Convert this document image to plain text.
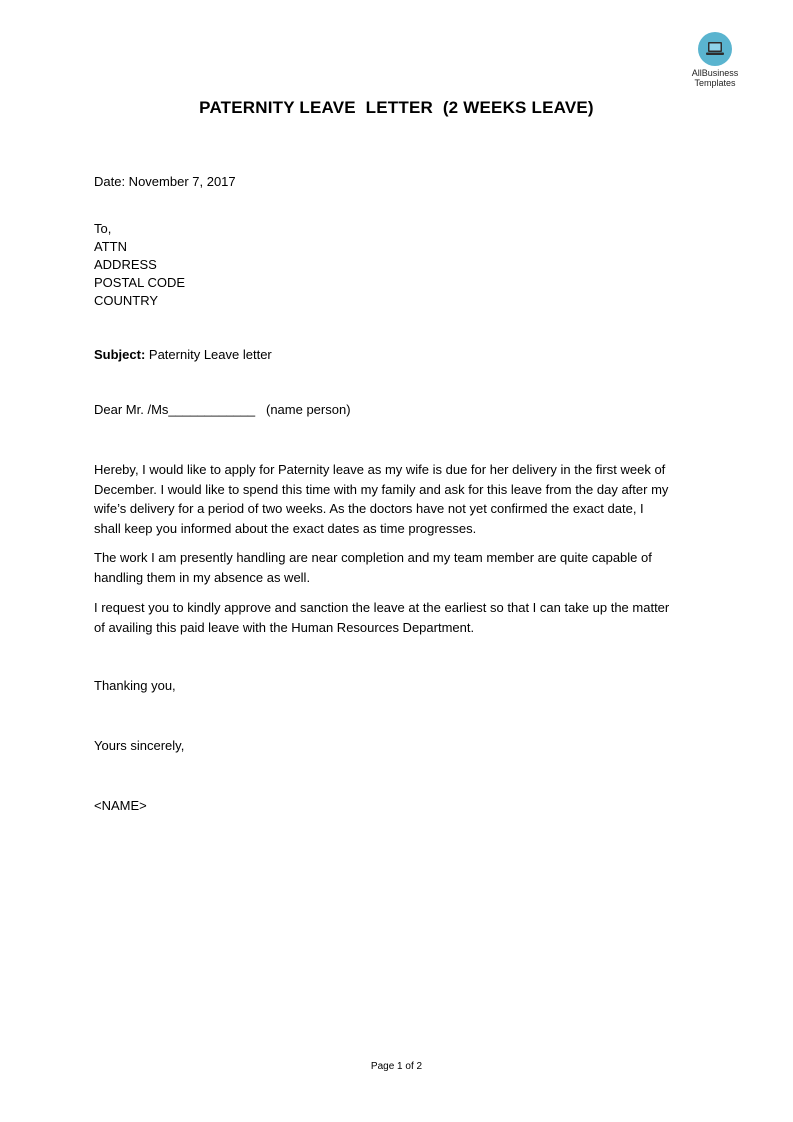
AllBusiness
Templates
PATERNITY LEAVE  LETTER  (2 WEEKS LEAVE)
Date: November 7, 2017
To,
ATTN
ADDRESS
POSTAL CODE
COUNTRY
Subject: Paternity Leave letter
Dear Mr. /Ms____________   (name person)
Hereby, I would like to apply for Paternity leave as my wife is due for her delivery in the first week of
December. I would like to spend this time with my family and ask for this leave from the day after my
wife’s delivery for a period of two weeks. As the doctors have not yet confirmed the exact date, I
shall keep you informed about the exact dates as time progresses.
The work I am presently handling are near completion and my team member are quite capable of
handling them in my absence as well.
I request you to kindly approve and sanction the leave at the earliest so that I can take up the matter
of availing this paid leave with the Human Resources Department.
Thanking you,
Yours sincerely,
<NAME>
Page 1 of 2
